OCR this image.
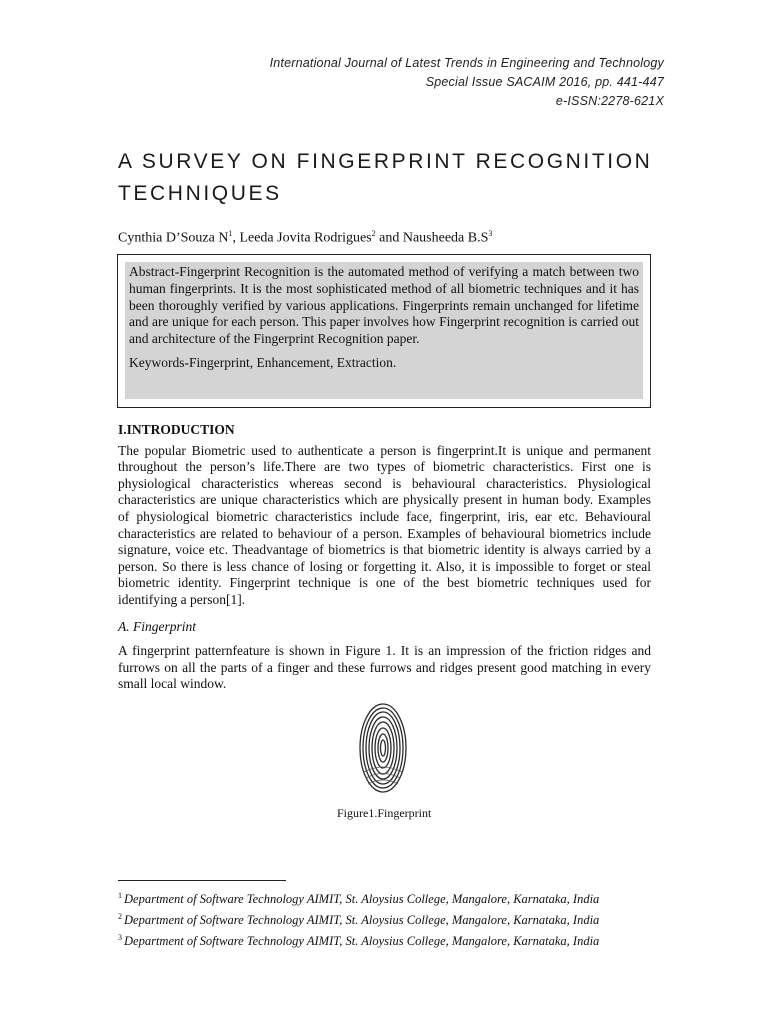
International Journal of Latest Trends in Engineering and Technology
Special Issue SACAIM 2016, pp. 441-447
e-ISSN:2278-621X
A SURVEY ON FINGERPRINT RECOGNITION
TECHNIQUES
Cynthia D’Souza $N^1$, Leeda Jovita Rodrigues$^2$ and Nausheeda $B.S^3$

Abstract-Fingerprint Recognition is the automated method of verifying a match between two human fingerprints. It is the most sophisticated method of all biometric techniques and it has been thoroughly verified by various applications. Fingerprints remain unchanged for lifetime and are unique for each person. This paper involves how Fingerprint recognition is carried out and architecture of the Fingerprint Recognition paper.

Keywords-Fingerprint, Enhancement, Extraction.

I.INTRODUCTION

The popular Biometric used to authenticate a person is fingerprint.It is unique and permanent throughout the person’s life.There are two types of biometric characteristics. First one is physiological characteristics whereas second is behavioural characteristics. Physiological characteristics are unique characteristics which are physically present in human body. Examples of physiological biometric characteristics include face, fingerprint, iris, ear etc. Behavioural characteristics are related to behaviour of a person. Examples of behavioural biometrics include signature, voice etc. Theadvantage of biometrics is that biometric identity is always carried by a person. So there is less chance of losing or forgetting it. Also, it is impossible to forget or steal biometric identity. Fingerprint technique is one of the best biometric techniques used for identifying a person[1].

A. Fingerprint

A fingerprint patternfeature is shown in Figure 1. It is an impression of the friction ridges and furrows on all the parts of a finger and these furrows and ridges present good matching in every small local window.

Figure1.Fingerprint
$^1$ Department of Software Technology AIMIT, St. Aloysius College, Mangalore, Karnataka, India
$^2$ Department of Software Technology AIMIT, St. Aloysius College, Mangalore, Karnataka, India
$^3$ Department of Software Technology AIMIT, St. Aloysius College, Mangalore, Karnataka, India
